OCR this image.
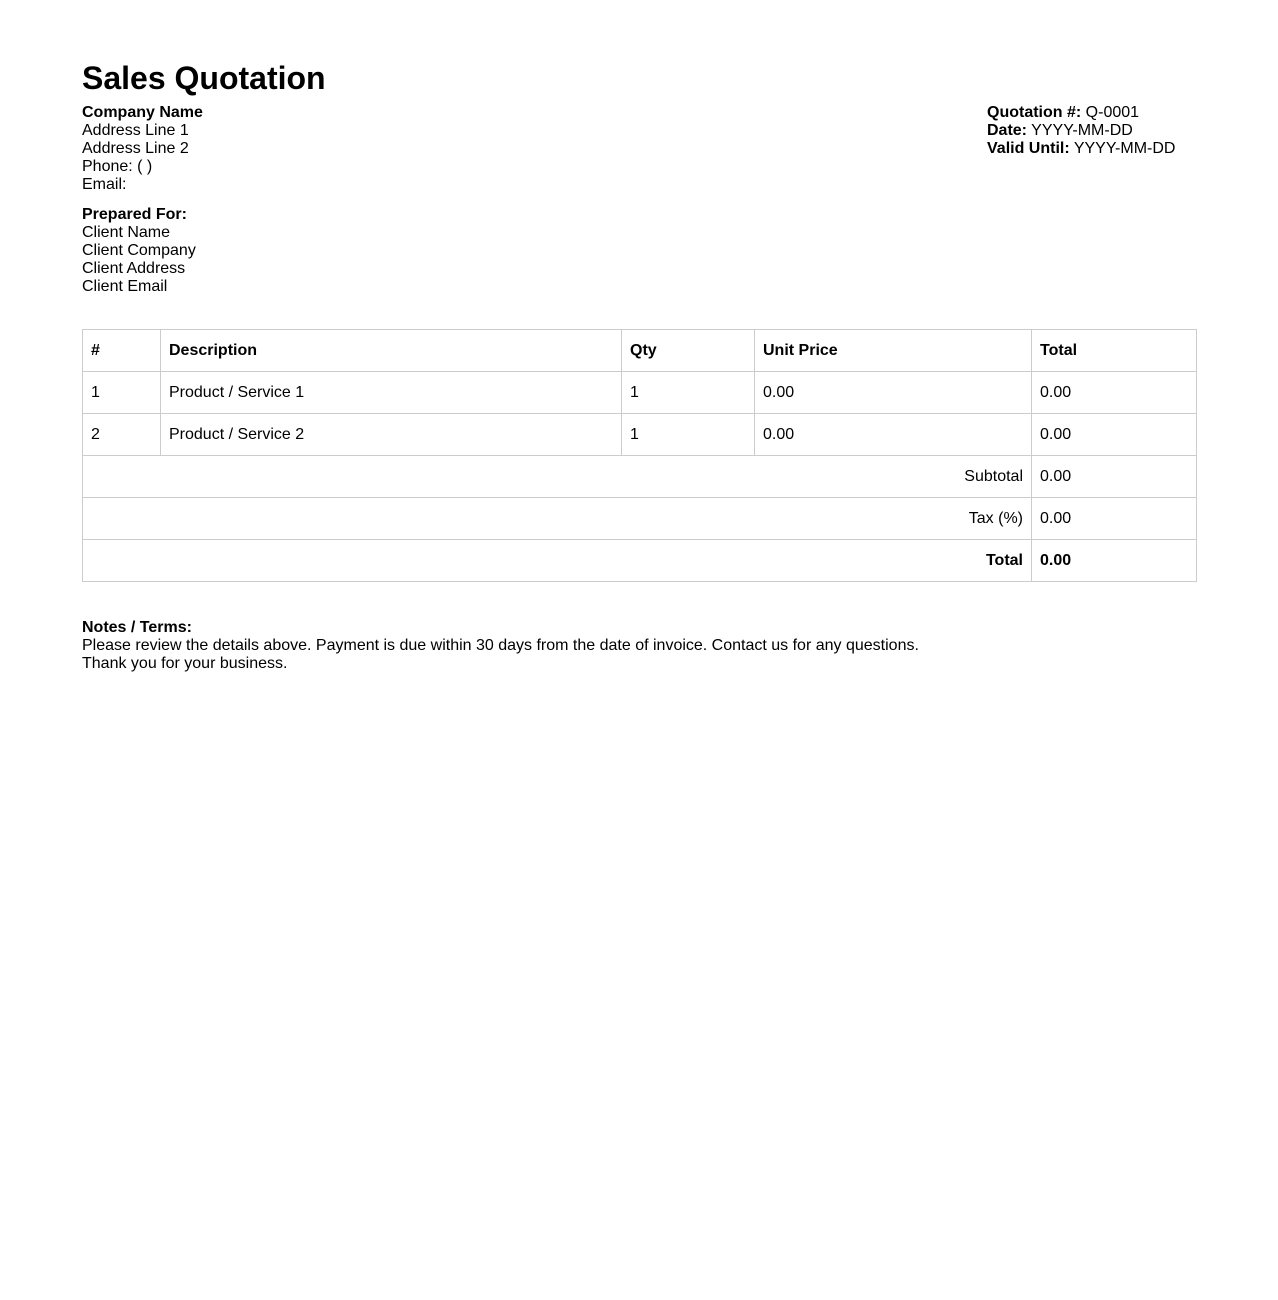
Sales Quotation
Company Name
Address Line 1
Address Line 2
Phone: ( )
Email:
Prepared For:
Client Name
Client Company
Client Address
Client Email
Quotation #: Q-0001
Date: YYYY-MM-DD
Valid Until: YYYY-MM-DD
#	Description	Qty	Unit Price	Total
1	Product / Service 1	1	0.00	0.00
2	Product / Service 2	1	0.00	0.00
Subtotal				0.00
Tax (%)				0.00
Total				0.00
Notes / Terms:
Please review the details above. Payment is due within 30 days from the date of invoice. Contact us for any questions.
Thank you for your business.
